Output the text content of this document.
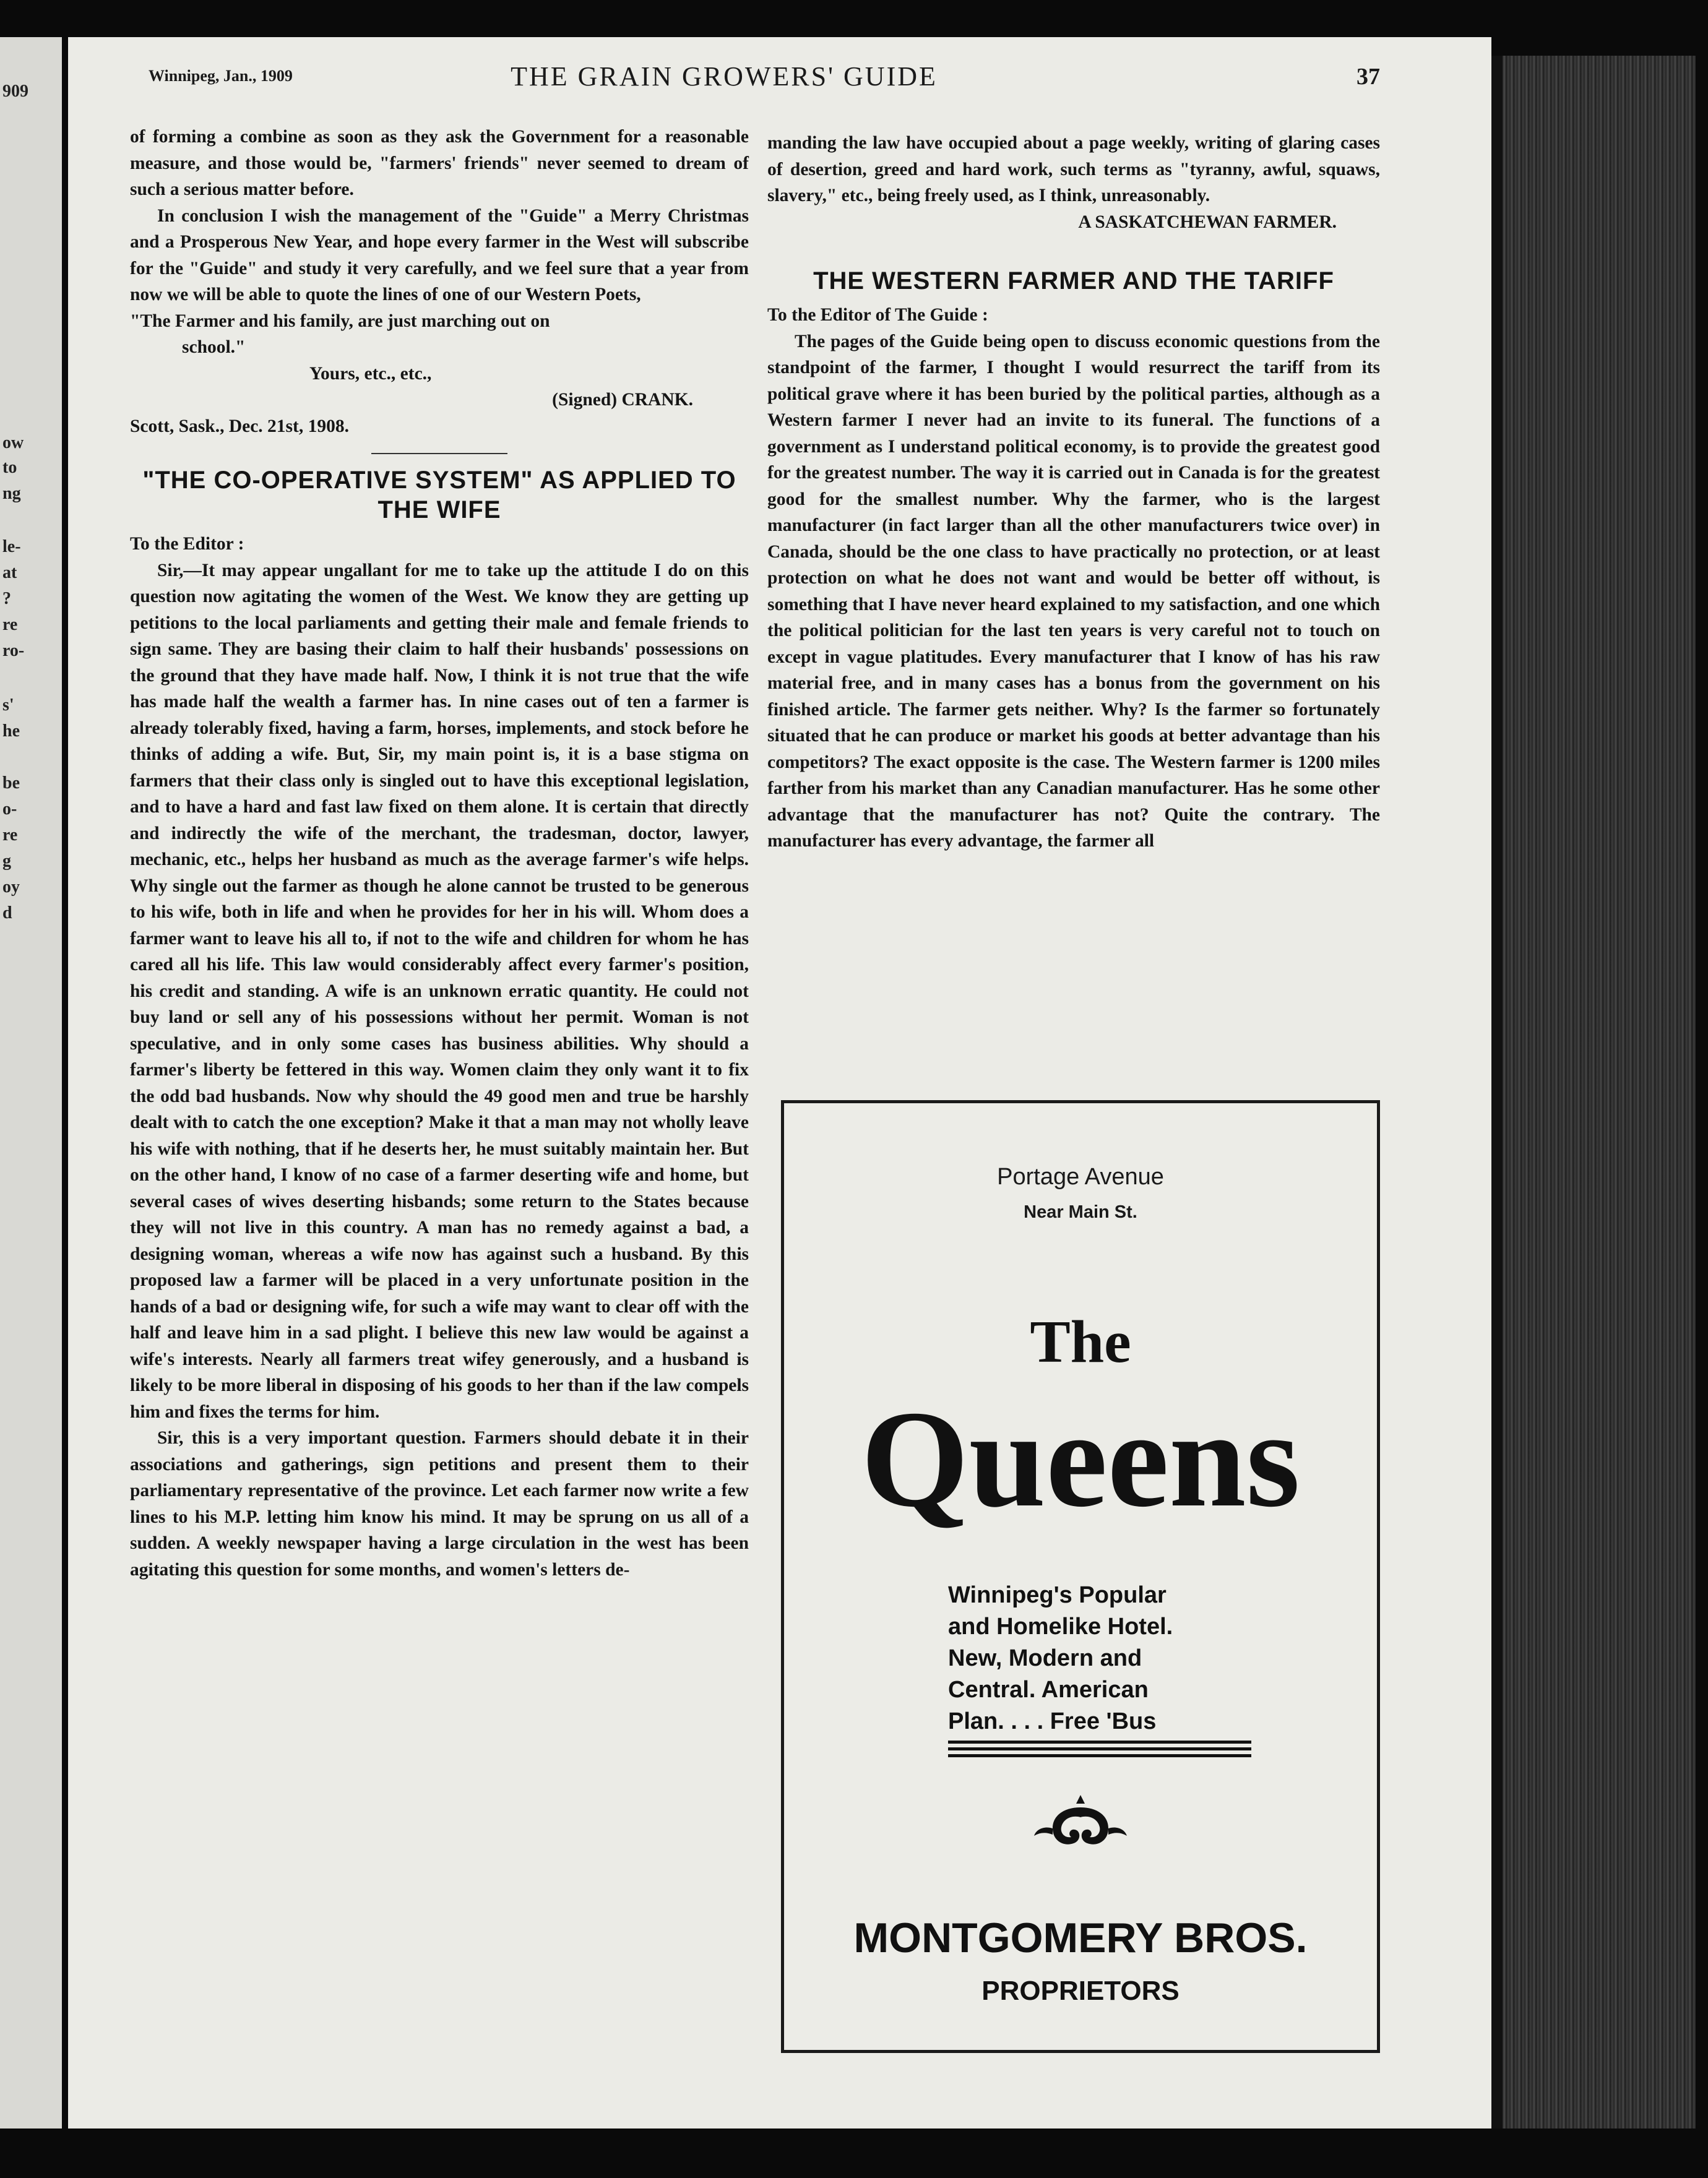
909
ow
to
ng
le-
at
?
re
ro-
s'
he
be
o-
re
g
oy
d
Winnipeg, Jan., 1909	THE GRAIN GROWERS' GUIDE	37

of forming a combine as soon as they ask the Government for a reasonable measure, and those would be, "farmers' friends" never seemed to dream of such a serious matter before.

In conclusion I wish the management of the "Guide" a Merry Christmas and a Prosperous New Year, and hope every farmer in the West will subscribe for the "Guide" and study it very carefully, and we feel sure that a year from now we will be able to quote the lines of one of our Western Poets,

"The Farmer and his family, are just marching out on

school."

Yours, etc., etc.,

(Signed) CRANK.

Scott, Sask., Dec. 21st, 1908.

"THE CO-OPERATIVE SYSTEM" AS APPLIED TO THE WIFE

To the Editor :

Sir,—It may appear ungallant for me to take up the attitude I do on this question now agitating the women of the West. We know they are getting up petitions to the local parliaments and getting their male and female friends to sign same. They are basing their claim to half their husbands' possessions on the ground that they have made half. Now, I think it is not true that the wife has made half the wealth a farmer has. In nine cases out of ten a farmer is already tolerably fixed, having a farm, horses, implements, and stock before he thinks of adding a wife. But, Sir, my main point is, it is a base stigma on farmers that their class only is singled out to have this exceptional legislation, and to have a hard and fast law fixed on them alone. It is certain that directly and indirectly the wife of the merchant, the tradesman, doctor, lawyer, mechanic, etc., helps her husband as much as the average farmer's wife helps. Why single out the farmer as though he alone cannot be trusted to be generous to his wife, both in life and when he provides for her in his will. Whom does a farmer want to leave his all to, if not to the wife and children for whom he has cared all his life. This law would considerably affect every farmer's position, his credit and standing. A wife is an unknown erratic quantity. He could not buy land or sell any of his possessions without her permit. Woman is not speculative, and in only some cases has business abilities. Why should a farmer's liberty be fettered in this way. Women claim they only want it to fix the odd bad husbands. Now why should the 49 good men and true be harshly dealt with to catch the one exception? Make it that a man may not wholly leave his wife with nothing, that if he deserts her, he must suitably maintain her. But on the other hand, I know of no case of a farmer deserting wife and home, but several cases of wives deserting hisbands; some return to the States because they will not live in this country. A man has no remedy against a bad, a designing woman, whereas a wife now has against such a husband. By this proposed law a farmer will be placed in a very unfortunate position in the hands of a bad or designing wife, for such a wife may want to clear off with the half and leave him in a sad plight. I believe this new law would be against a wife's interests. Nearly all farmers treat wifey generously, and a husband is likely to be more liberal in disposing of his goods to her than if the law compels him and fixes the terms for him.

Sir, this is a very important question. Farmers should debate it in their associations and gatherings, sign petitions and present them to their parliamentary representative of the province. Let each farmer now write a few lines to his M.P. letting him know his mind. It may be sprung on us all of a sudden. A weekly newspaper having a large circulation in the west has been agitating this question for some months, and women's letters de-

manding the law have occupied about a page weekly, writing of glaring cases of desertion, greed and hard work, such terms as "tyranny, awful, squaws, slavery," etc., being freely used, as I think, unreasonably.

A SASKATCHEWAN FARMER.

THE WESTERN FARMER AND THE TARIFF

To the Editor of The Guide :

The pages of the Guide being open to discuss economic questions from the standpoint of the farmer, I thought I would resurrect the tariff from its political grave where it has been buried by the political parties, although as a Western farmer I never had an invite to its funeral. The functions of a government as I understand political economy, is to provide the greatest good for the greatest number. The way it is carried out in Canada is for the greatest good for the smallest number. Why the farmer, who is the largest manufacturer (in fact larger than all the other manufacturers twice over) in Canada, should be the one class to have practically no protection, or at least protection on what he does not want and would be better off without, is something that I have never heard explained to my satisfaction, and one which the political politician for the last ten years is very careful not to touch on except in vague platitudes. Every manufacturer that I know of has his raw material free, and in many cases has a bonus from the government on his finished article. The farmer gets neither. Why? Is the farmer so fortunately situated that he can produce or market his goods at better advantage than his competitors? The exact opposite is the case. The Western farmer is 1200 miles farther from his market than any Canadian manufacturer. Has he some other advantage that the manufacturer has not? Quite the contrary. The manufacturer has every advantage, the farmer all

Portage Avenue
Near Main St.
The
Queens
Winnipeg's Popular
and Homelike Hotel.
New, Modern and
Central. American
Plan. . . . Free 'Bus
MONTGOMERY BROS.
PROPRIETORS
